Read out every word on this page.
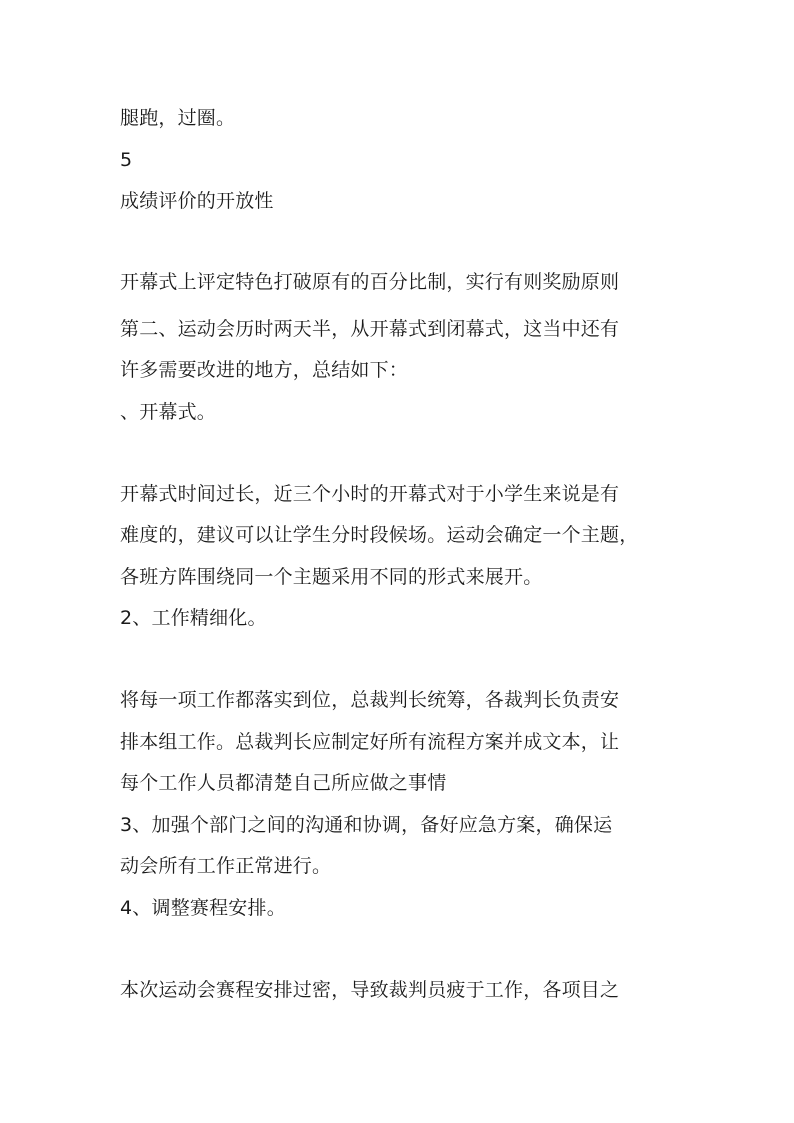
腿跑，过圈。
5
成绩评价的开放性
开幕式上评定特色打破原有的百分比制，实行有则奖励原则
第二、运动会历时两天半，从开幕式到闭幕式，这当中还有
许多需要改进的地方，总结如下：
、开幕式。
开幕式时间过长，近三个小时的开幕式对于小学生来说是有
难度的，建议可以让学生分时段候场。运动会确定一个主题，
各班方阵围绕同一个主题采用不同的形式来展开。
2、工作精细化。
将每一项工作都落实到位，总裁判长统筹，各裁判长负责安
排本组工作。总裁判长应制定好所有流程方案并成文本，让
每个工作人员都清楚自己所应做之事情
3、加强个部门之间的沟通和协调，备好应急方案，确保运
动会所有工作正常进行。
4、调整赛程安排。
本次运动会赛程安排过密，导致裁判员疲于工作，各项目之
